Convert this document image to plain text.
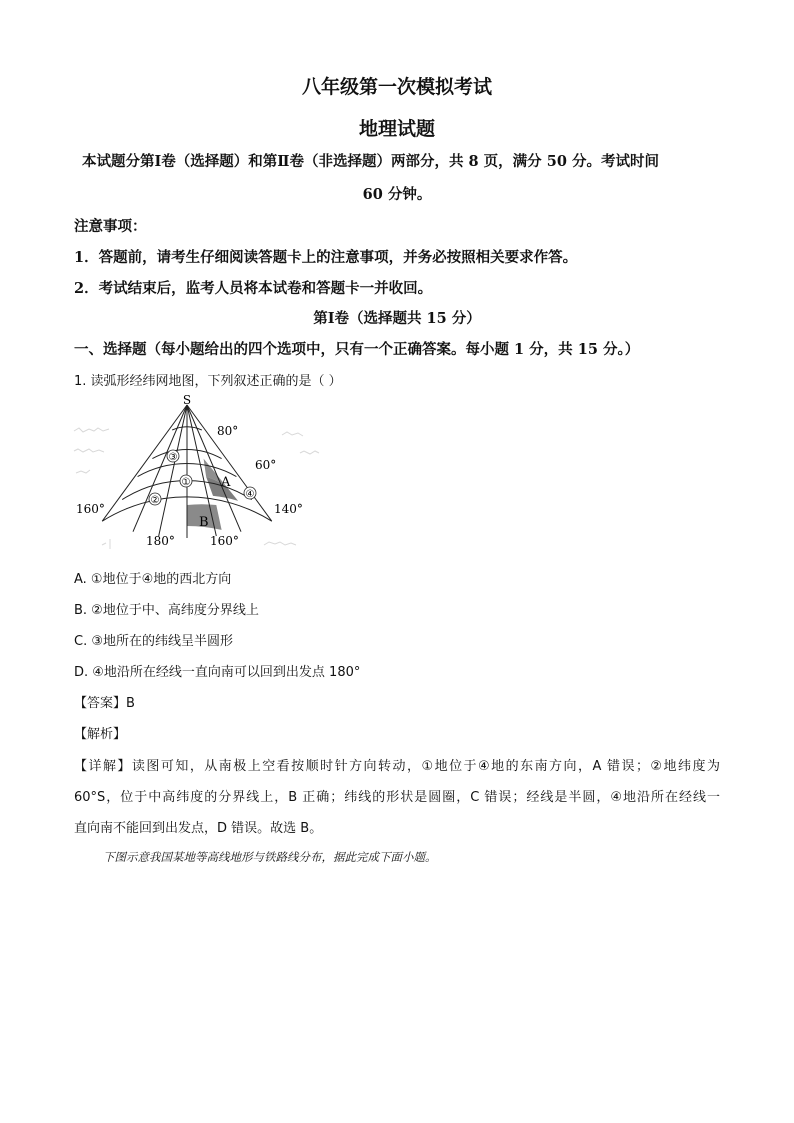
八年级第一次模拟考试
地理试题
本试题分第Ⅰ卷（选择题）和第Ⅱ卷（非选择题）两部分，共 8 页，满分 50 分。考试时间
60 分钟。
注意事项：
1．答题前，请考生仔细阅读答题卡上的注意事项，并务必按照相关要求作答。
2．考试结束后，监考人员将本试卷和答题卡一并收回。
第Ⅰ卷（选择题共 15 分）
一、选择题（每小题给出的四个选项中，只有一个正确答案。每小题 1 分，共 15 分。）
1. 读弧形经纬网地图，下列叙述正确的是（ ）
③
①
②
④
S
80°
60°
A
B
160°	140°
180°	160°
A. ①地位于④地的西北方向
B. ②地位于中、高纬度分界线上
C. ③地所在的纬线呈半圆形
D. ④地沿所在经线一直向南可以回到出发点 180°
【答案】B
【解析】
【详解】读图可知，从南极上空看按顺时针方向转动，①地位于④地的东南方向，A 错误；②地纬度为
60°S，位于中高纬度的分界线上，B 正确；纬线的形状是圆圈，C 错误；经线是半圆，④地沿所在经线一
直向南不能回到出发点，D 错误。故选 B。
下图示意我国某地等高线地形与铁路线分布，据此完成下面小题。
